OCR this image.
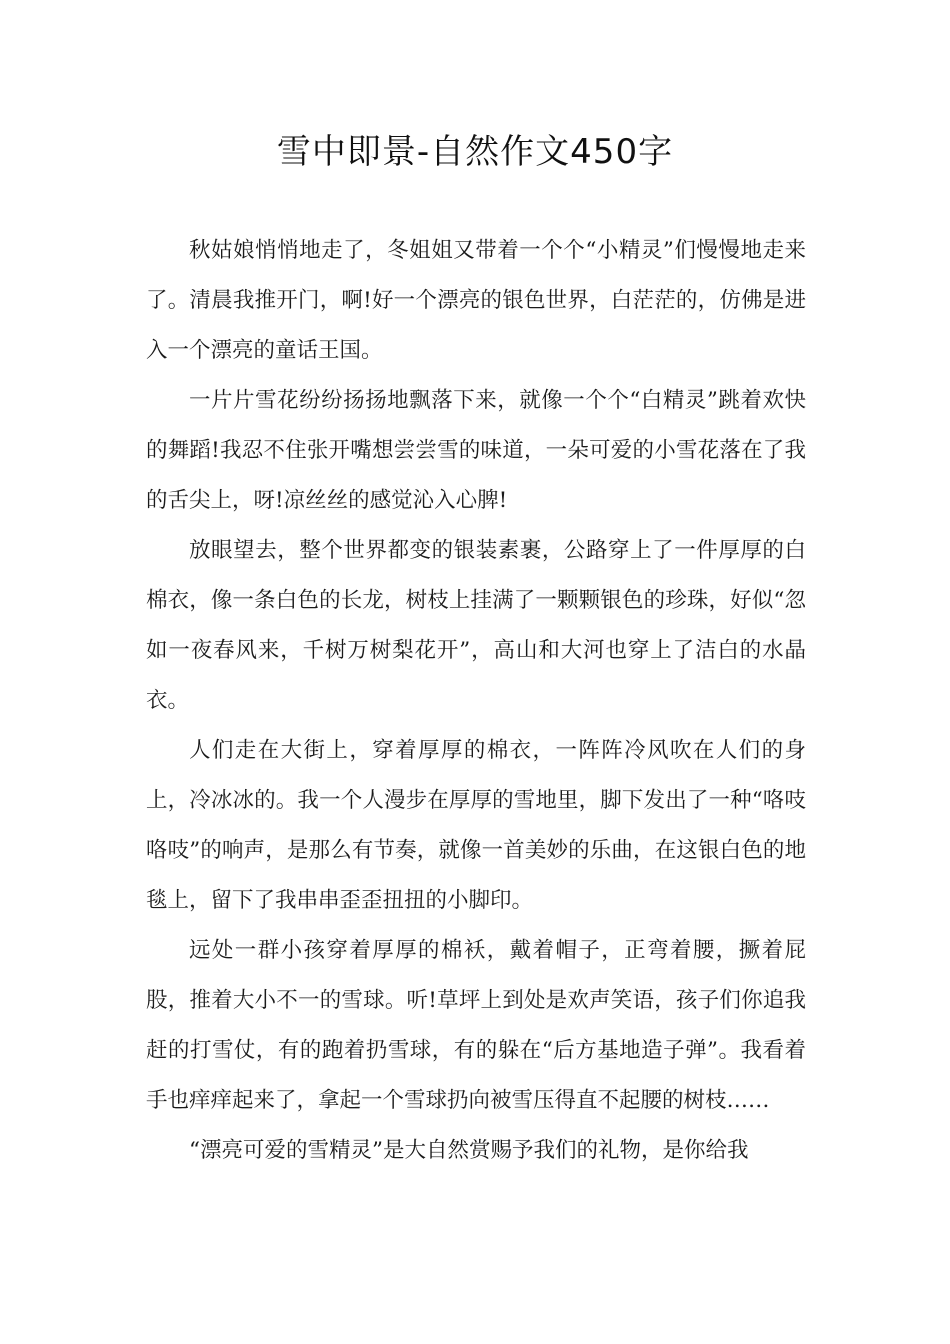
雪中即景-自然作文450字

秋姑娘悄悄地走了，冬姐姐又带着一个个“小精灵”们慢慢地走来了。清晨我推开门，啊!好一个漂亮的银色世界，白茫茫的，仿佛是进入一个漂亮的童话王国。

一片片雪花纷纷扬扬地飘落下来，就像一个个“白精灵”跳着欢快的舞蹈!我忍不住张开嘴想尝尝雪的味道，一朵可爱的小雪花落在了我的舌尖上，呀!凉丝丝的感觉沁入心脾!

放眼望去，整个世界都变的银装素裹，公路穿上了一件厚厚的白棉衣，像一条白色的长龙，树枝上挂满了一颗颗银色的珍珠，好似“忽如一夜春风来，千树万树梨花开”，高山和大河也穿上了洁白的水晶衣。

人们走在大街上，穿着厚厚的棉衣，一阵阵冷风吹在人们的身上，冷冰冰的。我一个人漫步在厚厚的雪地里，脚下发出了一种“咯吱咯吱”的响声，是那么有节奏，就像一首美妙的乐曲，在这银白色的地毯上，留下了我串串歪歪扭扭的小脚印。

远处一群小孩穿着厚厚的棉袄，戴着帽子，正弯着腰，撅着屁股，推着大小不一的雪球。听!草坪上到处是欢声笑语，孩子们你追我赶的打雪仗，有的跑着扔雪球，有的躲在“后方基地造子弹”。我看着手也痒痒起来了，拿起一个雪球扔向被雪压得直不起腰的树枝……

“漂亮可爱的雪精灵”是大自然赏赐予我们的礼物，是你给我
